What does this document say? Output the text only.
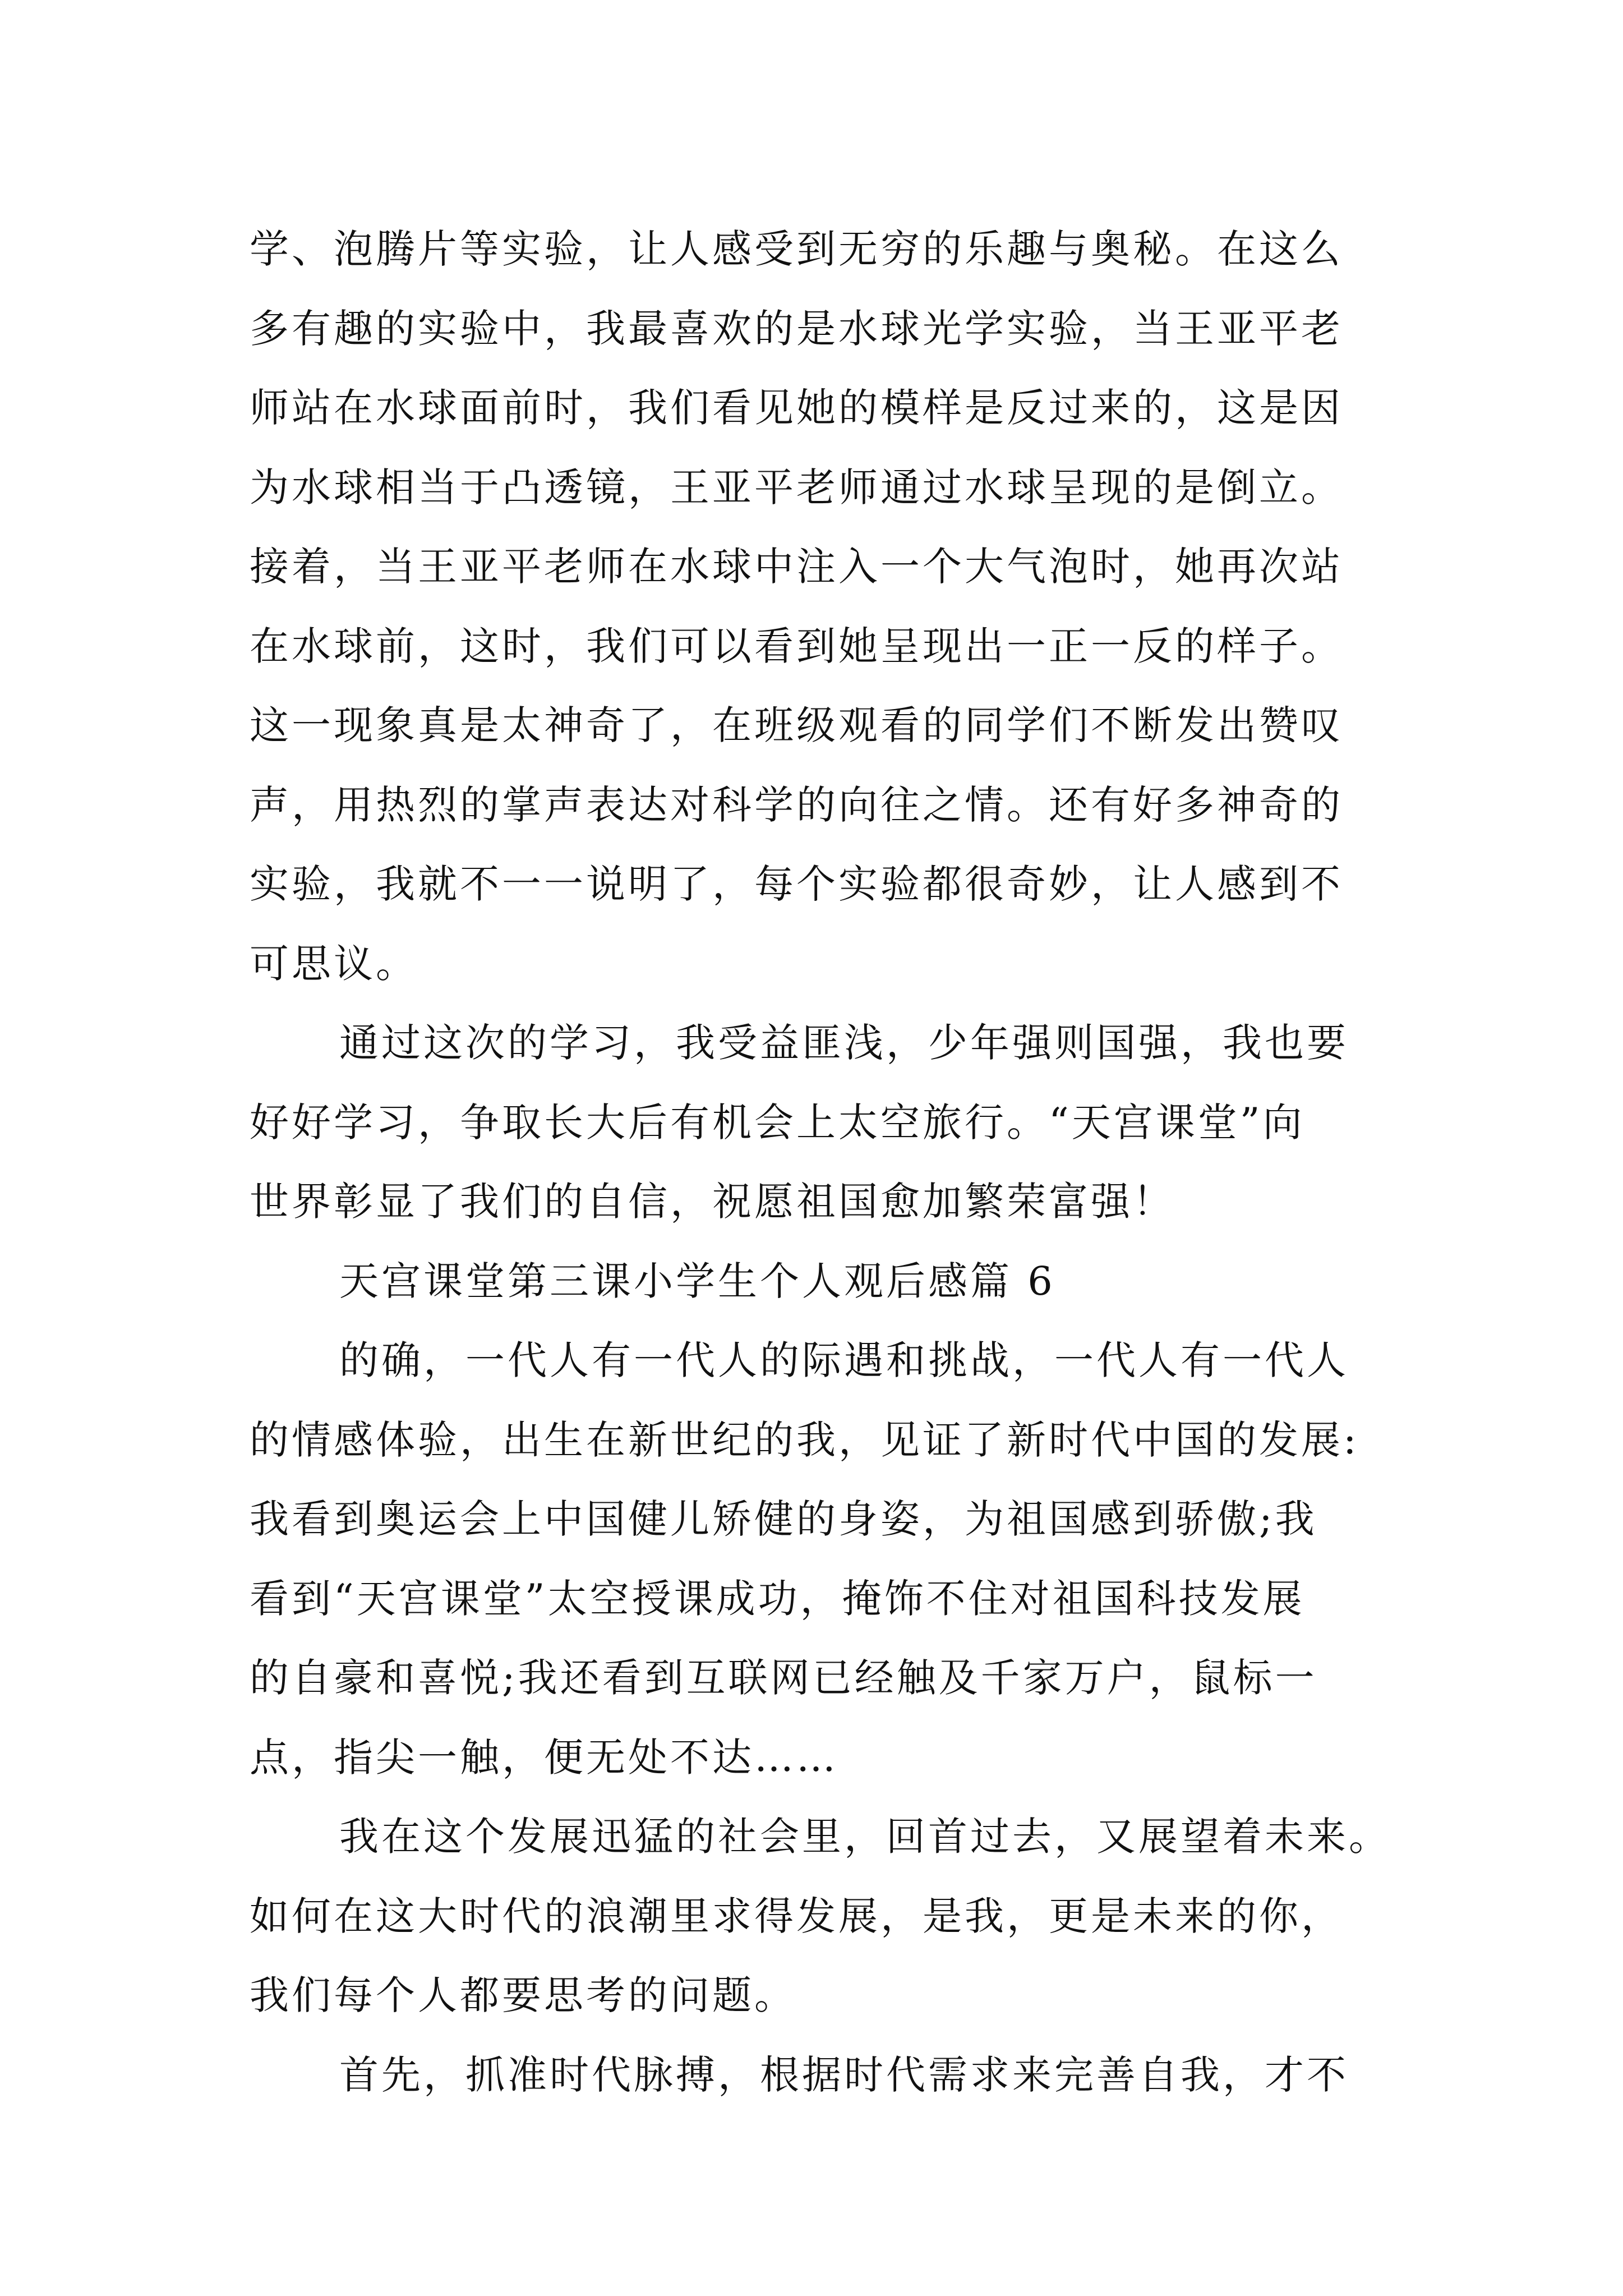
学、泡腾片等实验，让人感受到无穷的乐趣与奥秘。在这么
多有趣的实验中，我最喜欢的是水球光学实验，当王亚平老
师站在水球面前时，我们看见她的模样是反过来的，这是因
为水球相当于凸透镜，王亚平老师通过水球呈现的是倒立。
接着，当王亚平老师在水球中注入一个大气泡时，她再次站
在水球前，这时，我们可以看到她呈现出一正一反的样子。
这一现象真是太神奇了，在班级观看的同学们不断发出赞叹
声，用热烈的掌声表达对科学的向往之情。还有好多神奇的
实验，我就不一一说明了，每个实验都很奇妙，让人感到不
可思议。
通过这次的学习，我受益匪浅，少年强则国强，我也要
好好学习，争取长大后有机会上太空旅行。“天宫课堂”向
世界彰显了我们的自信，祝愿祖国愈加繁荣富强！
天宫课堂第三课小学生个人观后感篇 6
的确，一代人有一代人的际遇和挑战，一代人有一代人
的情感体验，出生在新世纪的我，见证了新时代中国的发展:
我看到奥运会上中国健儿矫健的身姿，为祖国感到骄傲;我
看到“天宫课堂”太空授课成功，掩饰不住对祖国科技发展
的自豪和喜悦;我还看到互联网已经触及千家万户，鼠标一
点，指尖一触，便无处不达……
我在这个发展迅猛的社会里，回首过去，又展望着未来。
如何在这大时代的浪潮里求得发展，是我，更是未来的你，
我们每个人都要思考的问题。
首先，抓准时代脉搏，根据时代需求来完善自我，才不
